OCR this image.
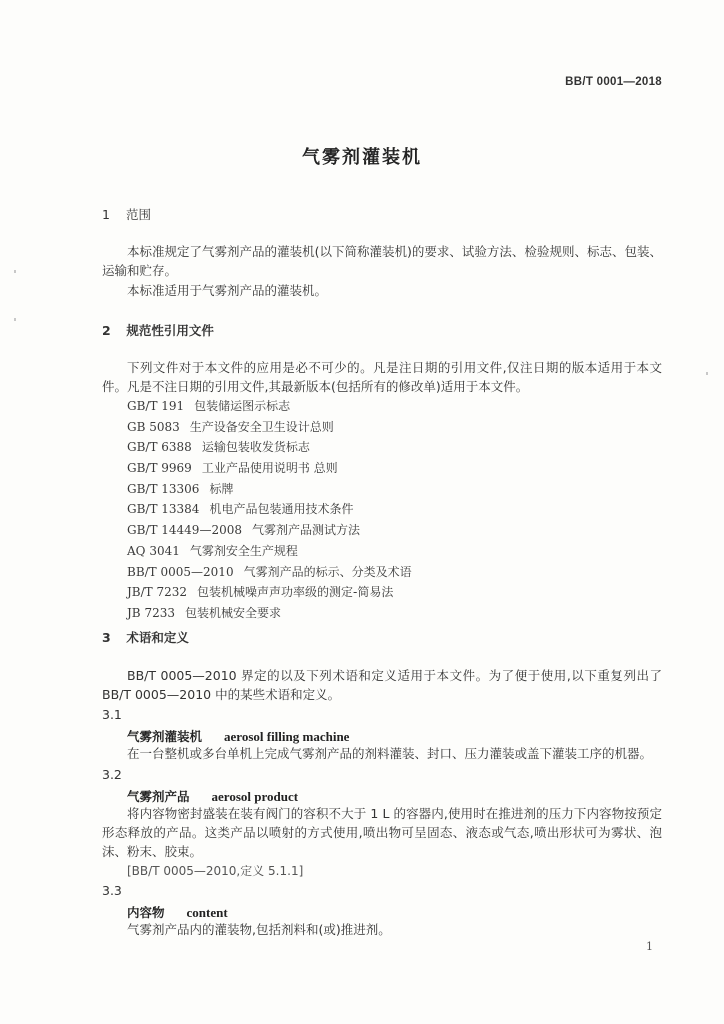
BB/T 0001—2018
气雾剂灌装机
1 范围

本标准规定了气雾剂产品的灌装机(以下简称灌装机)的要求、试验方法、检验规则、标志、包装、运输和贮存。

本标准适用于气雾剂产品的灌装机。

2 规范性引用文件

下列文件对于本文件的应用是必不可少的。凡是注日期的引用文件,仅注日期的版本适用于本文件。凡是不注日期的引用文件,其最新版本(包括所有的修改单)适用于本文件。

GB/T 191 包装储运图示标志
GB 5083 生产设备安全卫生设计总则
GB/T 6388 运输包装收发货标志
GB/T 9969 工业产品使用说明书 总则
GB/T 13306 标牌
GB/T 13384 机电产品包装通用技术条件
GB/T 14449—2008 气雾剂产品测试方法
AQ 3041 气雾剂安全生产规程
BB/T 0005—2010 气雾剂产品的标示、分类及术语
JB/T 7232 包装机械噪声声功率级的测定-简易法
JB 7233 包装机械安全要求
3 术语和定义

BB/T 0005—2010 界定的以及下列术语和定义适用于本文件。为了便于使用,以下重复列出了BB/T 0005—2010 中的某些术语和定义。

3.1
气雾剂灌装机 aerosol filling machine

在一台整机或多台单机上完成气雾剂产品的剂料灌装、封口、压力灌装或盖下灌装工序的机器。

3.2
气雾剂产品 aerosol product

将内容物密封盛装在装有阀门的容积不大于 1 L 的容器内,使用时在推进剂的压力下内容物按预定形态释放的产品。这类产品以喷射的方式使用,喷出物可呈固态、液态或气态,喷出形状可为雾状、泡沫、粉末、胶束。

[BB/T 0005—2010,定义 5.1.1]
3.3
内容物 content

气雾剂产品内的灌装物,包括剂料和(或)推进剂。

1
